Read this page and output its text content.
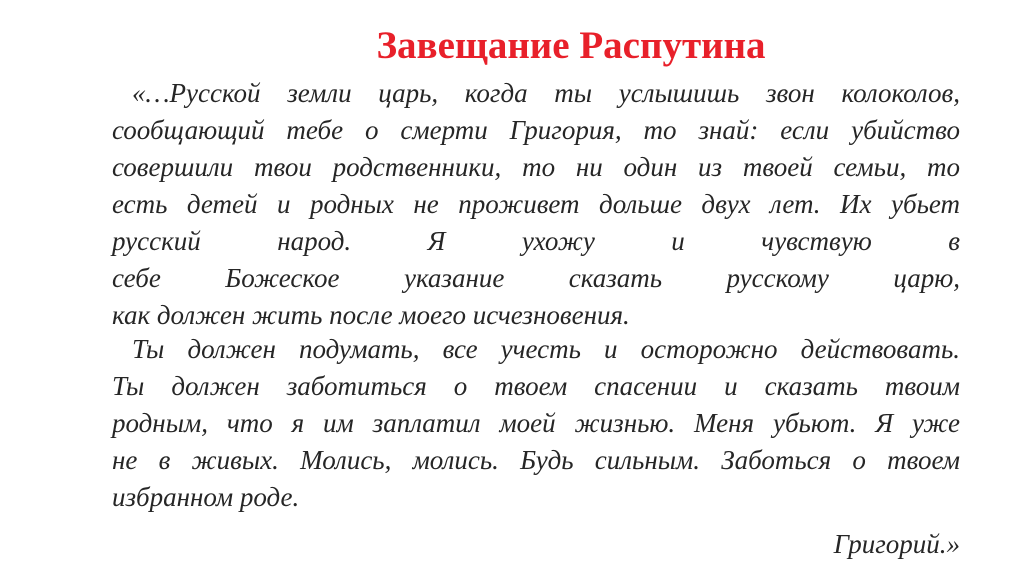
Завещание Распутина
«…Русской земли царь, когда ты услышишь звон колоколов,
сообщающий тебе о смерти Григория, то знай: если убийство
совершили твои родственники, то ни один из твоей семьи, то
есть детей и родных не проживет дольше двух лет. Их убьет
русский народ. Я ухожу и чувствую в
себе Божеское указание сказать русскому царю,
как должен жить после моего исчезновения.
Ты должен подумать, все учесть и осторожно действовать.
Ты должен заботиться о твоем спасении и сказать твоим
родным, что я им заплатил моей жизнью. Меня убьют. Я уже
не в живых. Молись, молись. Будь сильным. Заботься о твоем
избранном роде.
Григорий.»
